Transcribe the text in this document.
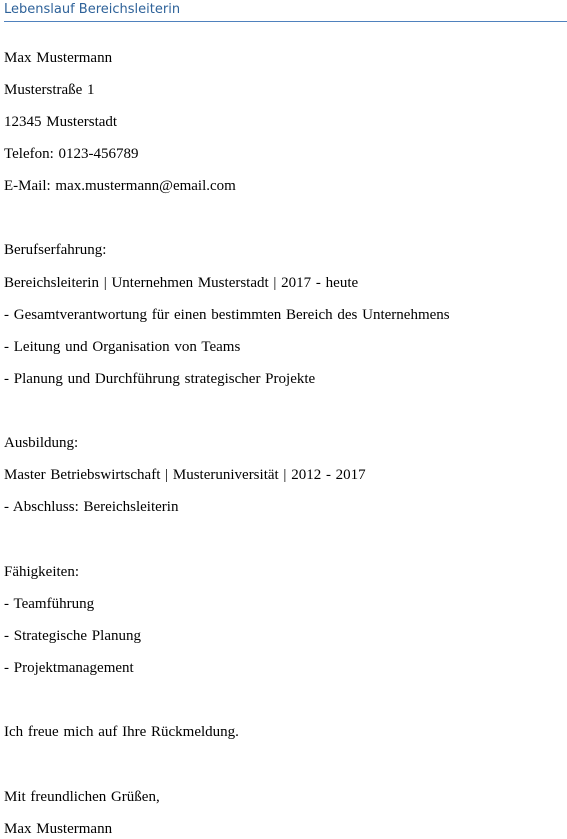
Lebenslauf Bereichsleiterin
Max Mustermann
Musterstraße 1
12345 Musterstadt
Telefon: 0123-456789
E-Mail: max.mustermann@email.com
Berufserfahrung:
Bereichsleiterin | Unternehmen Musterstadt | 2017 - heute
- Gesamtverantwortung für einen bestimmten Bereich des Unternehmens
- Leitung und Organisation von Teams
- Planung und Durchführung strategischer Projekte
Ausbildung:
Master Betriebswirtschaft | Musteruniversität | 2012 - 2017
- Abschluss: Bereichsleiterin
Fähigkeiten:
- Teamführung
- Strategische Planung
- Projektmanagement
Ich freue mich auf Ihre Rückmeldung.
Mit freundlichen Grüßen,
Max Mustermann
